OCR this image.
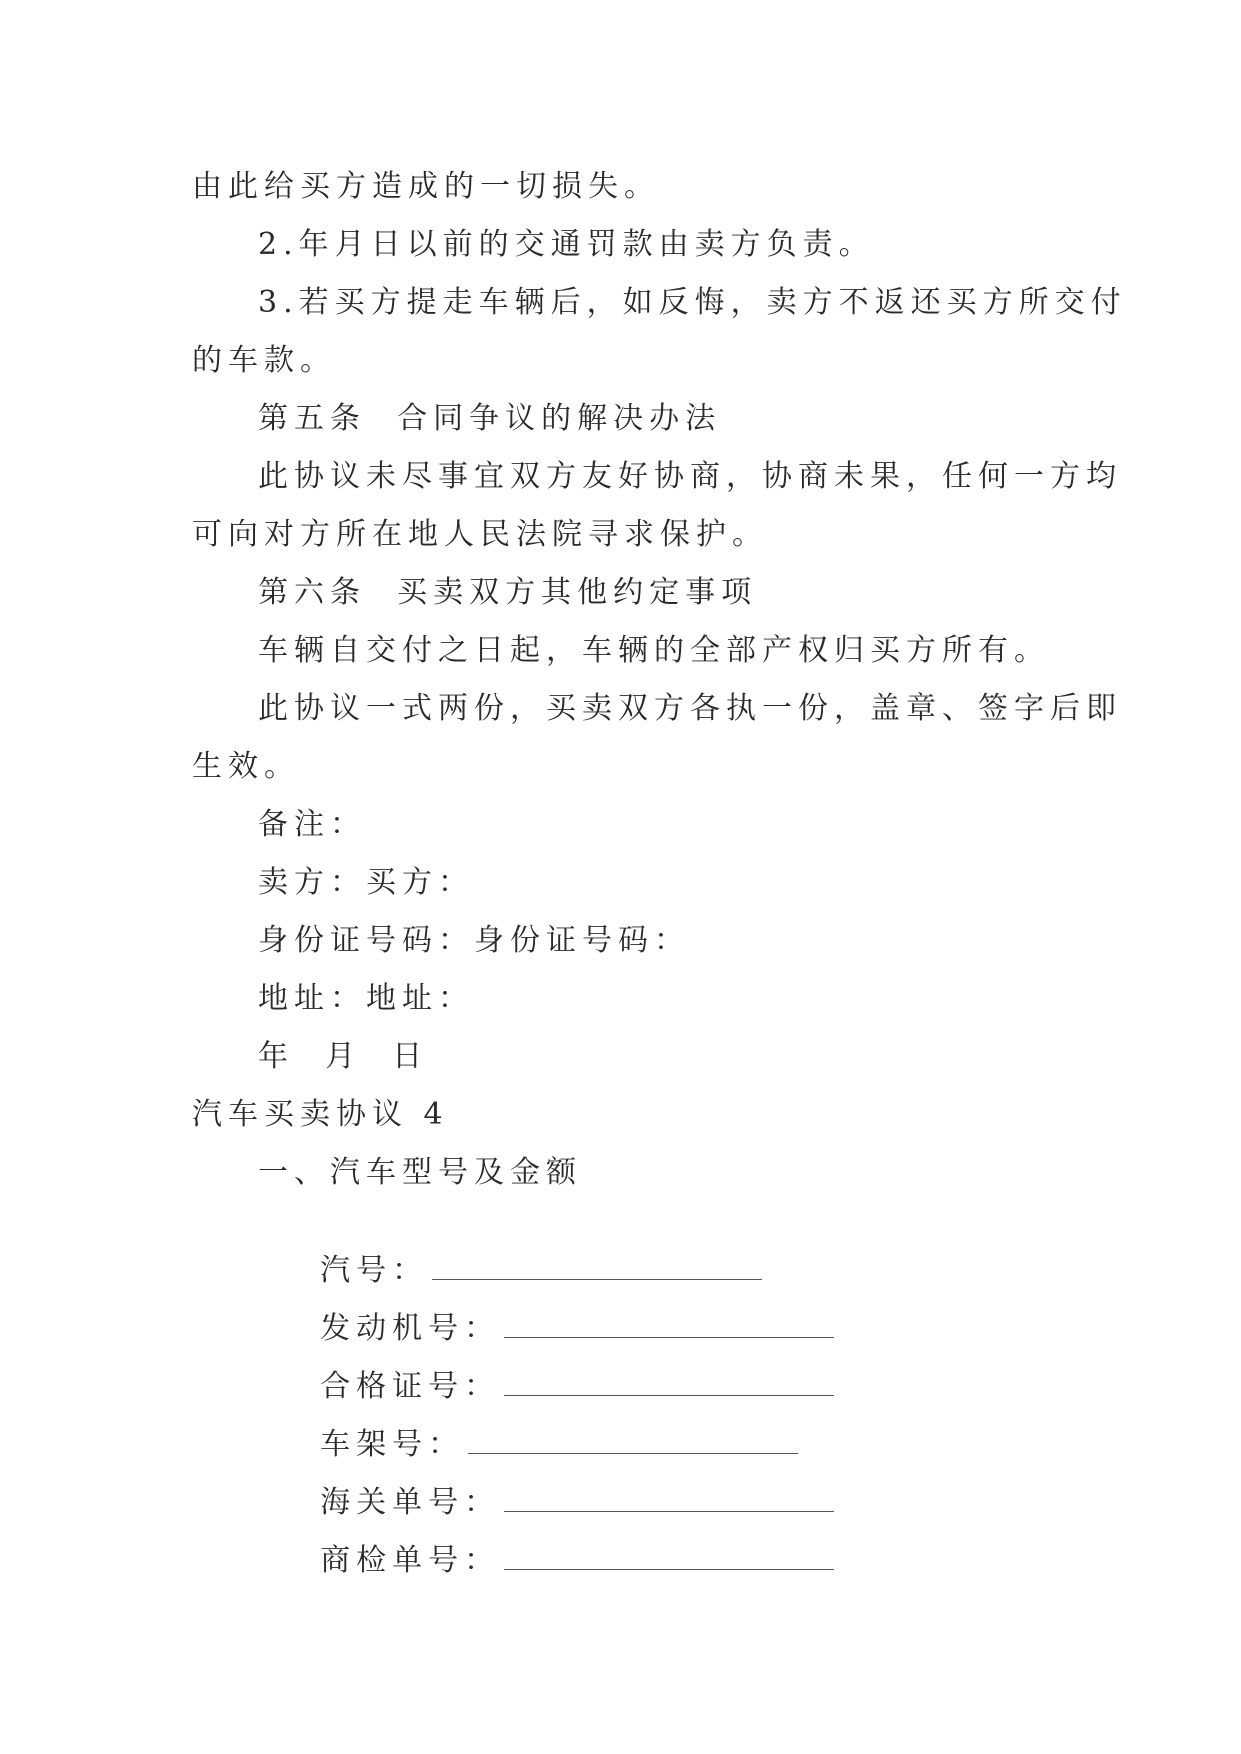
由此给买方造成的一切损失。
2.年月日以前的交通罚款由卖方负责。
3.若买方提走车辆后，如反悔，卖方不返还买方所交付
的车款。
第五条  合同争议的解决办法
此协议未尽事宜双方友好协商，协商未果，任何一方均
可向对方所在地人民法院寻求保护。
第六条  买卖双方其他约定事项
车辆自交付之日起，车辆的全部产权归买方所有。
此协议一式两份，买卖双方各执一份，盖章、签字后即
生效。
备注：
卖方：买方：
身份证号码：身份证号码：
地址：地址：
年  月  日
汽车买卖协议 4
一、汽车型号及金额

汽号：

发动机号：

合格证号：

车架号：

海关单号：

商检单号：
